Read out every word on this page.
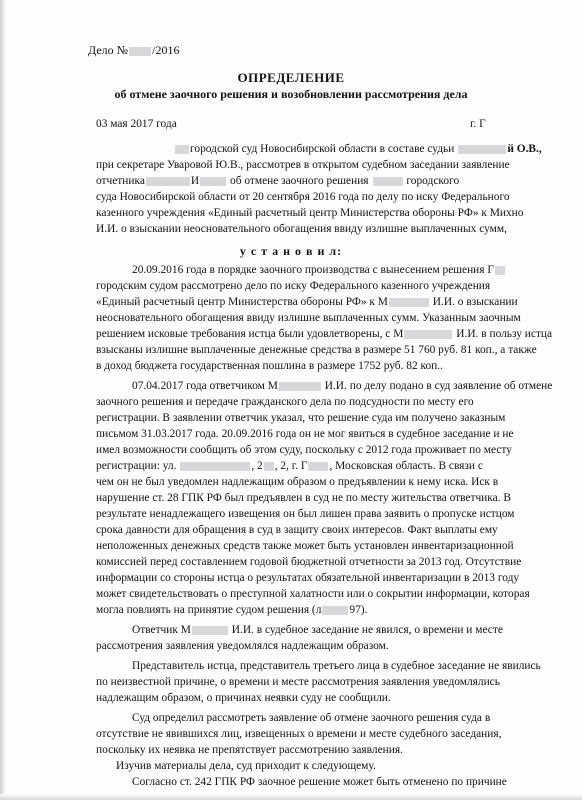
Дело № /2016
ОПРЕДЕЛЕНИЕ
об отмене заочного решения и возобновлении рассмотрения дела
03 мая 2017 года	г. Г
городской суд Новосибирской области в составе судьи	й О.В.,
при секретаре Уваровой Ю.В., рассмотрев в открытом судебном заседании заявление
отчетника	И	об отмене заочного решения	городского
суда Новосибирской области от 20 сентября 2016 года по делу по иску Федерального
казенного учреждения «Единый расчетный центр Министерства обороны РФ» к Михно
И.И. о взыскании неосновательного обогащения ввиду излишне выплаченных сумм,
у с т а н о в и л:
20.09.2016 года в порядке заочного производства с вынесением решения Г
городским судом рассмотрено дело по иску Федерального казенного учреждения
«Единый расчетный центр Министерства обороны РФ» к М	И.И. о взыскании
неосновательного обогащения ввиду излишне выплаченных сумм. Указанным заочным
решением исковые требования истца были удовлетворены, с М	И.И. в пользу истца
взысканы излишне выплаченные денежные средства в размере 51 760 руб. 81 коп., а также
в доход бюджета государственная пошлина в размере 1752 руб. 82 коп..
07.04.2017 года ответчиком М	И.И. по делу подано в суд заявление об отмене
заочного решения и передаче гражданского дела по подсудности по месту его
регистрации. В заявлении ответчик указал, что решение суда им получено заказным
письмом 31.03.2017 года. 20.09.2016 года он не мог явиться в судебное заседание и не
имел возможности сообщить об этом суду, поскольку с 2012 года проживает по месту
регистрации: ул.	, 2 , 2, г. Г , Московская область. В связи с
чем он не был уведомлен надлежащим образом о предъявлении к нему иска. Иск в
нарушение ст. 28 ГПК РФ был предъявлен в суд не по месту жительства ответчика. В
результате ненадлежащего извещения он был лишен права заявить о пропуске истцом
срока давности для обращения в суд в защиту своих интересов. Факт выплаты ему
неположенных денежных средств также может быть установлен инвентаризационной
комиссией перед составлением годовой бюджетной отчетности за 2013 год. Отсутствие
информации со стороны истца о результатах обязательной инвентаризации в 2013 году
может свидетельствовать о преступной халатности или о сокрытии информации, которая
могла повлиять на принятие судом решения (л 97).
Ответчик М	И.И. в судебное заседание не явился, о времени и месте
рассмотрения заявления уведомлялся надлежащим образом.
Представитель истца, представитель третьего лица в судебное заседание не явились
по неизвестной причине, о времени и месте рассмотрения заявления уведомлялись
надлежащим образом, о причинах неявки суду не сообщили.
Суд определил рассмотреть заявление об отмене заочного решения суда в
отсутствие не явившихся лиц, извещенных о времени и месте судебного заседания,
поскольку их неявка не препятствует рассмотрению заявления.
Изучив материалы дела, суд приходит к следующему.
Согласно ст. 242 ГПК РФ заочное решение может быть отменено по причине
